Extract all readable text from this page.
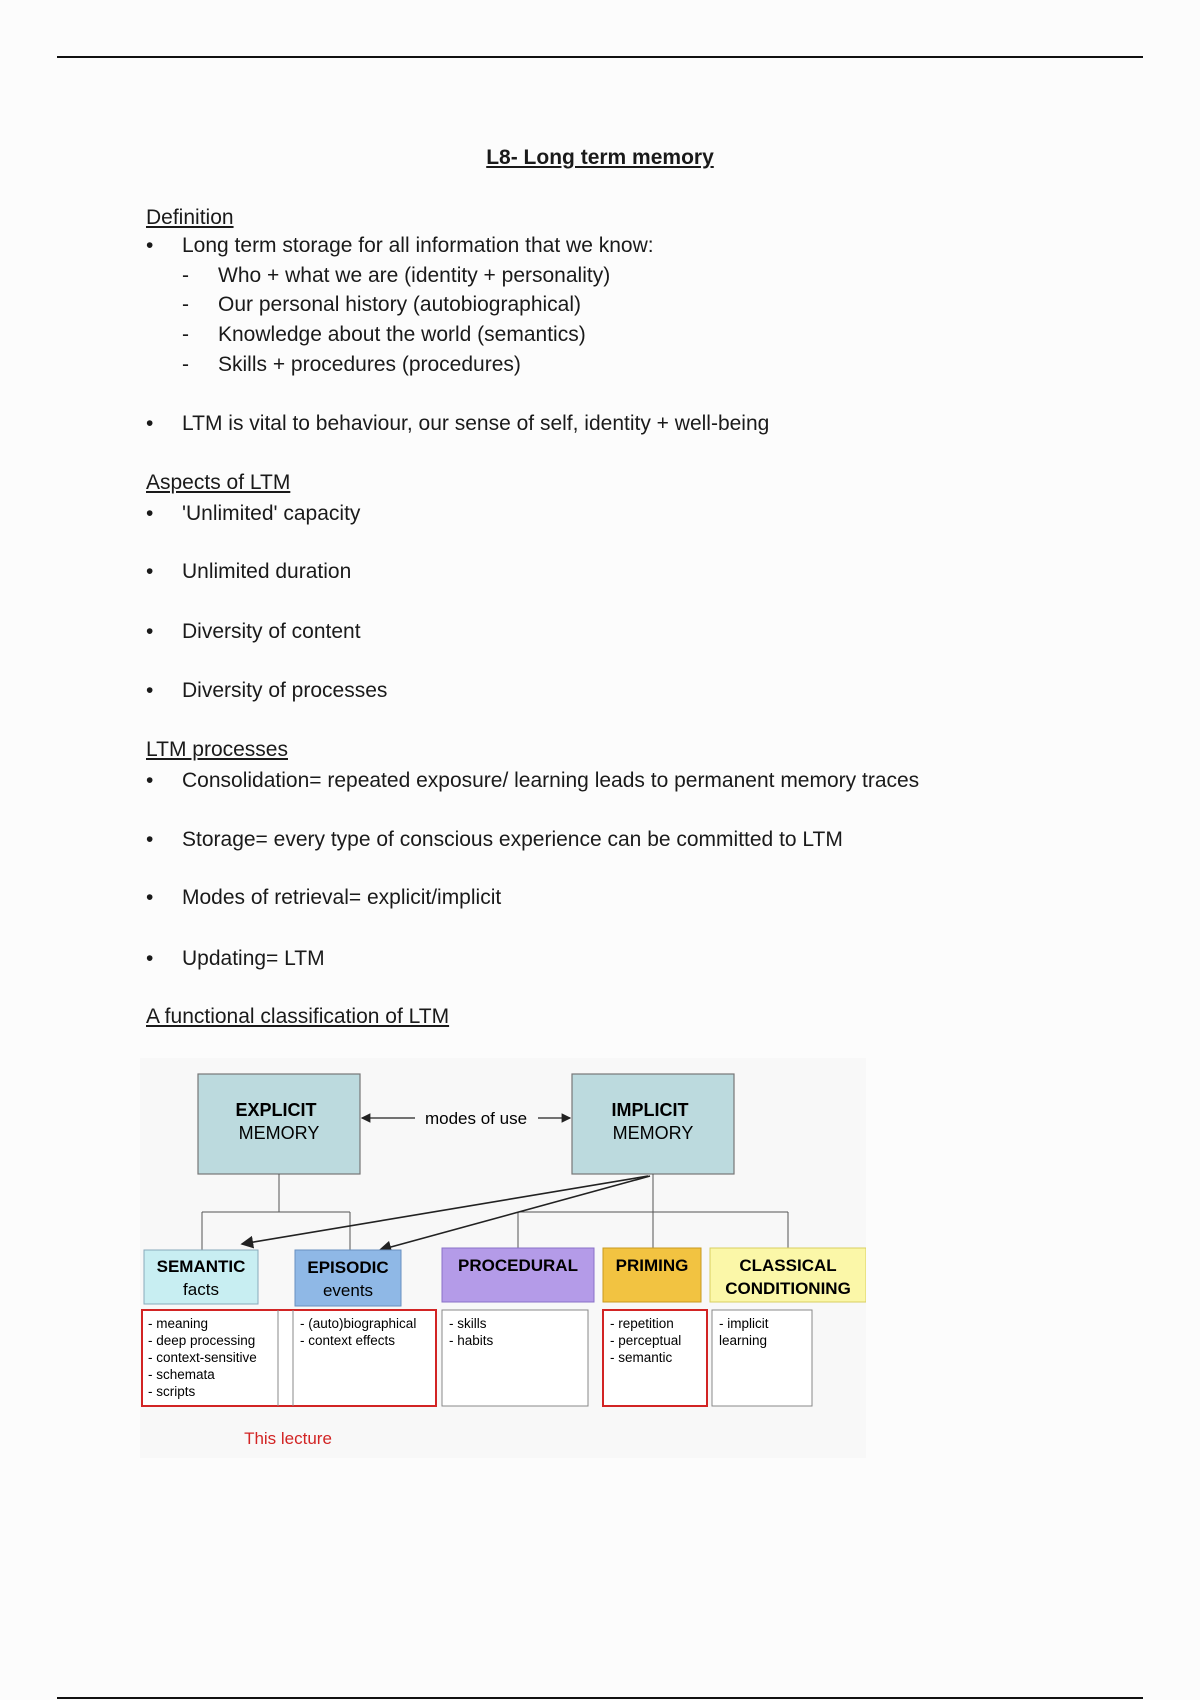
L8- Long term memory
Definition
• Long term storage for all information that we know:
- Who + what we are (identity + personality)
- Our personal history (autobiographical)
- Knowledge about the world (semantics)
- Skills + procedures (procedures)
• LTM is vital to behaviour, our sense of self, identity + well-being
Aspects of LTM
• 'Unlimited' capacity
• Unlimited duration
• Diversity of content
• Diversity of processes
LTM processes
• Consolidation= repeated exposure/ learning leads to permanent memory traces
• Storage= every type of conscious experience can be committed to LTM
• Modes of retrieval= explicit/implicit
• Updating= LTM
A functional classification of LTM
EXPLICIT
MEMORY
IMPLICIT
MEMORY
modes of use
SEMANTIC
facts
EPISODIC
events
PROCEDURAL PRIMING	CLASSICAL
CONDITIONING
- meaning - deep processing - context-sensitive - schemata - scripts
- (auto)biographical - context effects
- skills - habits
- repetition - perceptual - semantic
- implicit learning
This lecture
